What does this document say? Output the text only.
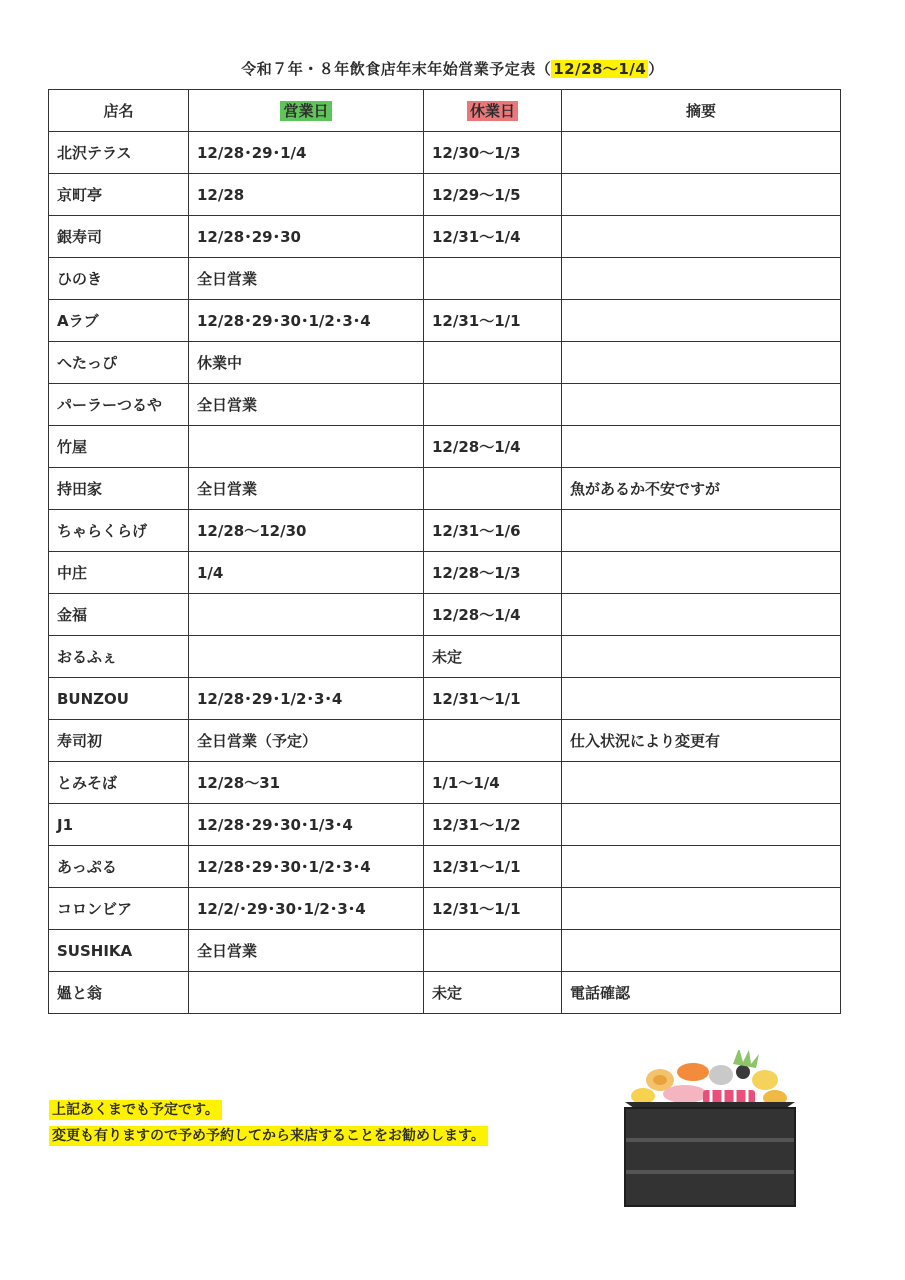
令和７年・８年飲食店年末年始営業予定表（ 12/28～1/4 ）
店名	営業日	休業日	摘要
北沢テラス	12/28･29･1/4	12/30～1/3	
京町亭	12/28	12/29～1/5	
銀寿司	12/28･29･30	12/31～1/4	
ひのき	全日営業		
Aラブ	12/28･29･30･1/2･3･4	12/31～1/1	
へたっぴ	休業中		
パーラーつるや	全日営業		
竹屋		12/28～1/4	
持田家	全日営業		魚があるか不安ですが
ちゃらくらげ	12/28～12/30	12/31～1/6	
中庄	1/4	12/28～1/3	
金福		12/28～1/4	
おるふぇ		未定	
BUNZOU	12/28･29･1/2･3･4	12/31～1/1	
寿司初	全日営業（予定）		仕入状況により変更有
とみそば	12/28～31	1/1～1/4	
J1	12/28･29･30･1/3･4	12/31～1/2	
あっぷる	12/28･29･30･1/2･3･4	12/31～1/1	
コロンビア	12/2/･29･30･1/2･3･4	12/31～1/1	
SUSHIKA	全日営業		
媼と翁		未定	電話確認
上記あくまでも予定です。
変更も有りますので予め予約してから来店することをお勧めします。
